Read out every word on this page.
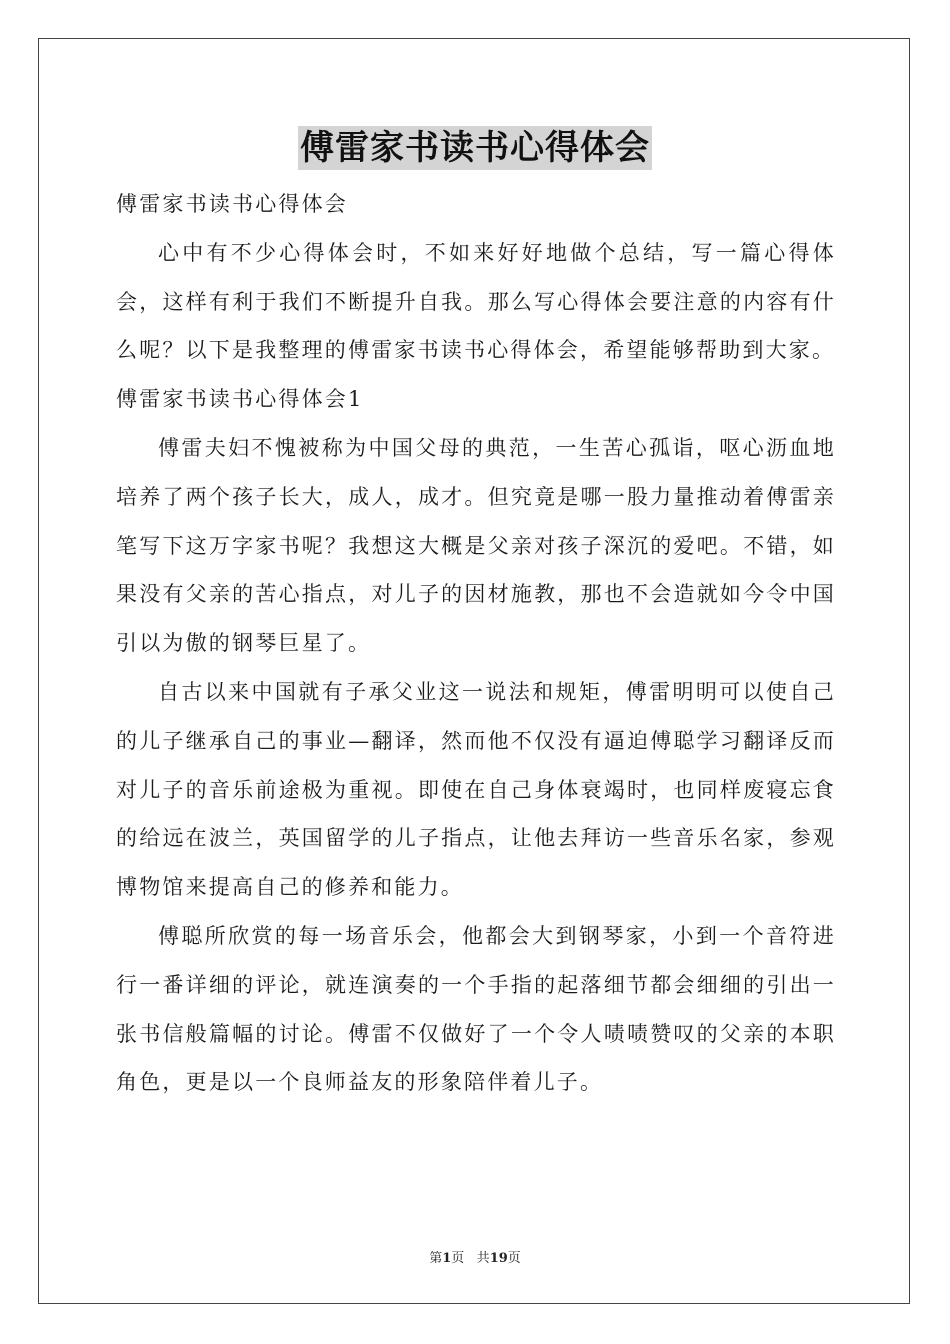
傅雷家书读书心得体会

傅雷家书读书心得体会

心中有不少心得体会时，不如来好好地做个总结，写一篇心得体会，这样有利于我们不断提升自我。那么写心得体会要注意的内容有什么呢？以下是我整理的傅雷家书读书心得体会，希望能够帮助到大家。

傅雷家书读书心得体会1

傅雷夫妇不愧被称为中国父母的典范，一生苦心孤诣，呕心沥血地培养了两个孩子长大，成人，成才。但究竟是哪一股力量推动着傅雷亲笔写下这万字家书呢？我想这大概是父亲对孩子深沉的爱吧。不错，如果没有父亲的苦心指点，对儿子的因材施教，那也不会造就如今令中国引以为傲的钢琴巨星了。

自古以来中国就有子承父业这一说法和规矩，傅雷明明可以使自己的儿子继承自己的事业—翻译，然而他不仅没有逼迫傅聪学习翻译反而对儿子的音乐前途极为重视。即使在自己身体衰竭时，也同样废寝忘食的给远在波兰，英国留学的儿子指点，让他去拜访一些音乐名家，参观博物馆来提高自己的修养和能力。

傅聪所欣赏的每一场音乐会，他都会大到钢琴家，小到一个音符进行一番详细的评论，就连演奏的一个手指的起落细节都会细细的引出一张书信般篇幅的讨论。傅雷不仅做好了一个令人啧啧赞叹的父亲的本职角色，更是以一个良师益友的形象陪伴着儿子。

第1页 共19页
